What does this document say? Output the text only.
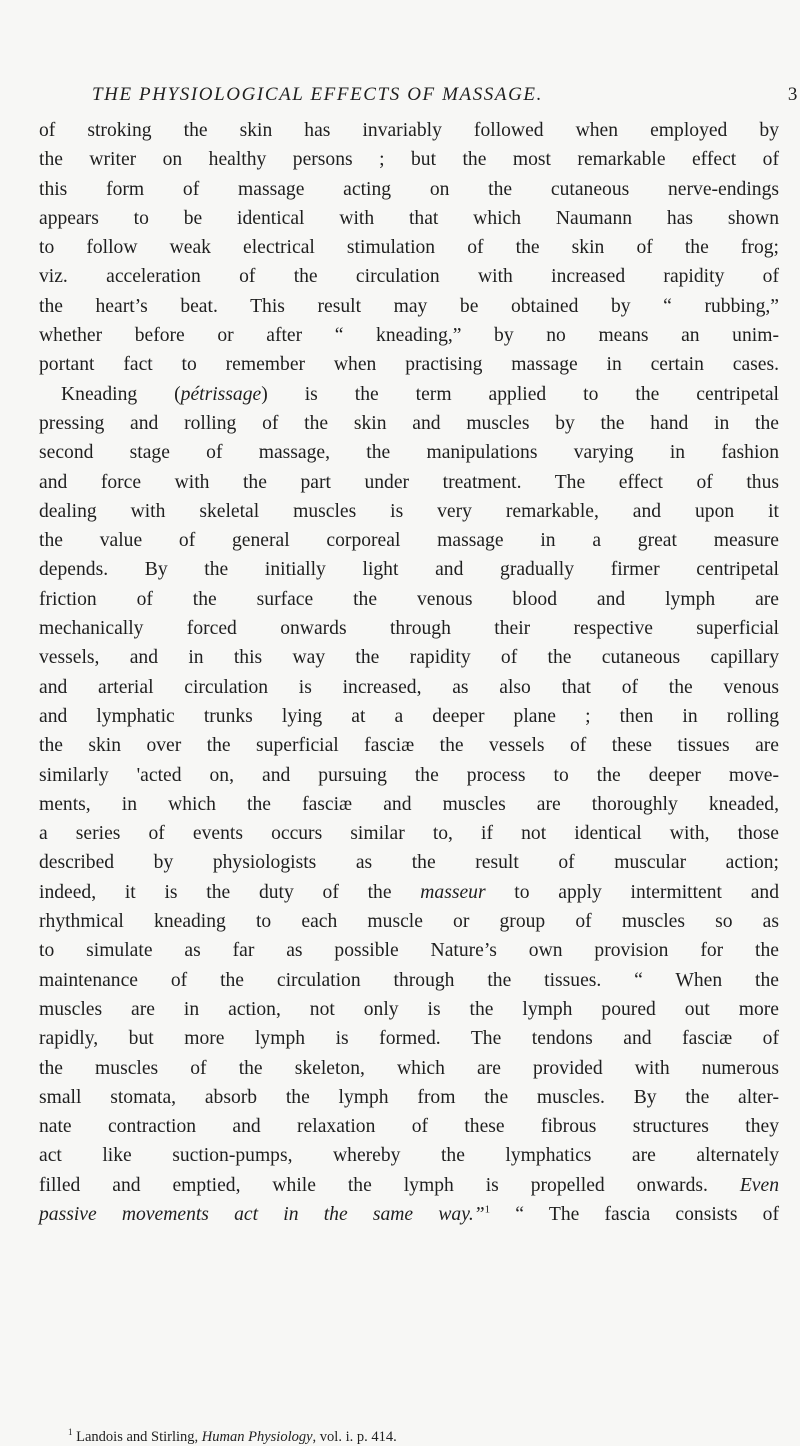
THE PHYSIOLOGICAL EFFECTS OF MASSAGE.	3
of stroking the skin has invariably followed when employed by
the writer on healthy persons ; but the most remarkable effect of
this form of massage acting on the cutaneous nerve-endings
appears to be identical with that which Naumann has shown
to follow weak electrical stimulation of the skin of the frog;
viz. acceleration of the circulation with increased rapidity of
the heart’s beat. This result may be obtained by “ rubbing,”
whether before or after “ kneading,” by no means an unim-
portant fact to remember when practising massage in certain cases.
Kneading (pétrissage) is the term applied to the centripetal
pressing and rolling of the skin and muscles by the hand in the
second stage of massage, the manipulations varying in fashion
and force with the part under treatment. The effect of thus
dealing with skeletal muscles is very remarkable, and upon it
the value of general corporeal massage in a great measure
depends. By the initially light and gradually firmer centripetal
friction of the surface the venous blood and lymph are
mechanically forced onwards through their respective superficial
vessels, and in this way the rapidity of the cutaneous capillary
and arterial circulation is increased, as also that of the venous
and lymphatic trunks lying at a deeper plane ; then in rolling
the skin over the superficial fasciæ the vessels of these tissues are
similarly 'acted on, and pursuing the process to the deeper move-
ments, in which the fasciæ and muscles are thoroughly kneaded,
a series of events occurs similar to, if not identical with, those
described by physiologists as the result of muscular action;
indeed, it is the duty of the masseur to apply intermittent and
rhythmical kneading to each muscle or group of muscles so as
to simulate as far as possible Nature’s own provision for the
maintenance of the circulation through the tissues. “ When the
muscles are in action, not only is the lymph poured out more
rapidly, but more lymph is formed. The tendons and fasciæ of
the muscles of the skeleton, which are provided with numerous
small stomata, absorb the lymph from the muscles. By the alter-
nate contraction and relaxation of these fibrous structures they
act like suction-pumps, whereby the lymphatics are alternately
filled and emptied, while the lymph is propelled onwards. Even
passive movements act in the same way.”$^1$ “ The fascia consists of
$^1$ Landois and Stirling, Human Physiology, vol. i. p. 414.
